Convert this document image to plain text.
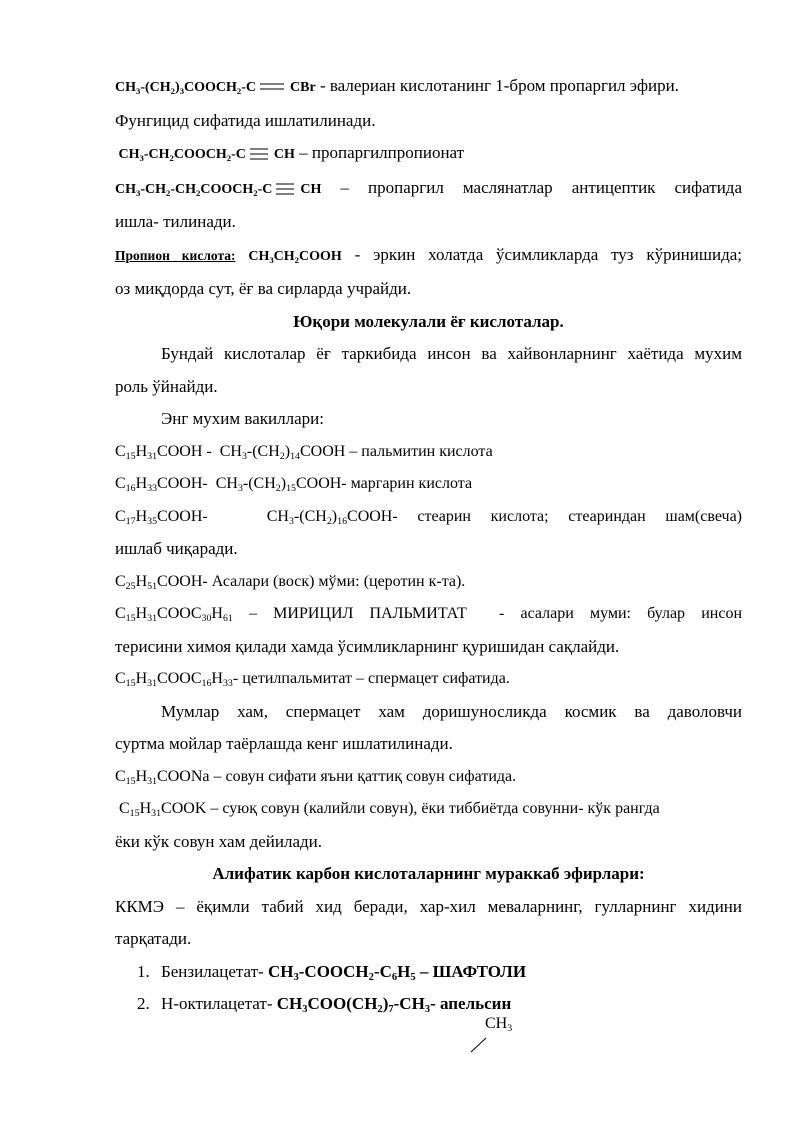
$CH_3-(CH_2)_3COOCH_2-C$ CBr - валериан кислотанинг 1-бром пропаргил эфири.
Фунгицид сифатида ишлатилинади.
$CH_3-CH_2COOCH_2-C$ CH – пропаргилпропионат
$CH_3-CH_2-CH_2COOCH_2-C$ CH – пропаргил маслянатлар антицептик сифатида
ишла- тилинади.
Пропион кислота: $CH_3CH_2COOH$ - эркин холатда ўсимликларда туз кўринишида;
оз миқдорда сут, ёғ ва сирларда учрайди.
Юқори молекулали ёғ кислоталар.
Бундай кислоталар ёғ таркибида инсон ва хайвонларнинг хаётида мухим
роль ўйнайди.
Энг мухим вакиллари:
$C_{15}H_{31}COOH$ -  $CH_3-(CH_2)_{14}COOH$ – пальмитин кислота
$C_{16}H_{33}COOH-$  $CH_3-(CH_2)_{15}COOH-$ маргарин кислота
$C_{17}H_{35}COOH-$   $CH_3-(CH_2)_{16}COOH-$ стеарин кислота; стеариндан шам(свеча)
ишлаб чиқаради.
$C_{25}H_{51}COOH-$ Асалари (воск) мўми: (церотин к-та).
$C_{15}H_{31}COOC_{30}H_{61}$ – МИРИЦИЛ ПАЛЬМИТАТ  - асалари муми: булар инсон
терисини химоя қилади хамда ўсимликларнинг қуришидан сақлайди.
$C_{15}H_{31}COOC_{16}H_{33}-$ цетилпальмитат – спермацет сифатида.
Мумлар хам, спермацет хам доришуносликда космик ва даволовчи
суртма мойлар таёрлашда кенг ишлатилинади.
$C_{15}H_{31}COONa$ – совун сифати яъни қаттиқ совун сифатида.
$C_{15}H_{31}COOK$ – суюқ совун (калийли совун), ёки тиббиётда совунни- кўк рангда
ёки кўк совун хам дейилади.
Алифатик карбон кислоталарнинг мураккаб эфирлари:
ККМЭ – ёқимли табий хид беради, хар-хил меваларнинг, гулларнинг хидини
тарқатади.
1. Бензилацетат- $CH_3-COOCH_2-C_6H_5$ – ШАФТОЛИ
2. Н-октилацетат- $CH_3COO(CH_2)_7-CH_3-$ апельсин
$CH_3$
